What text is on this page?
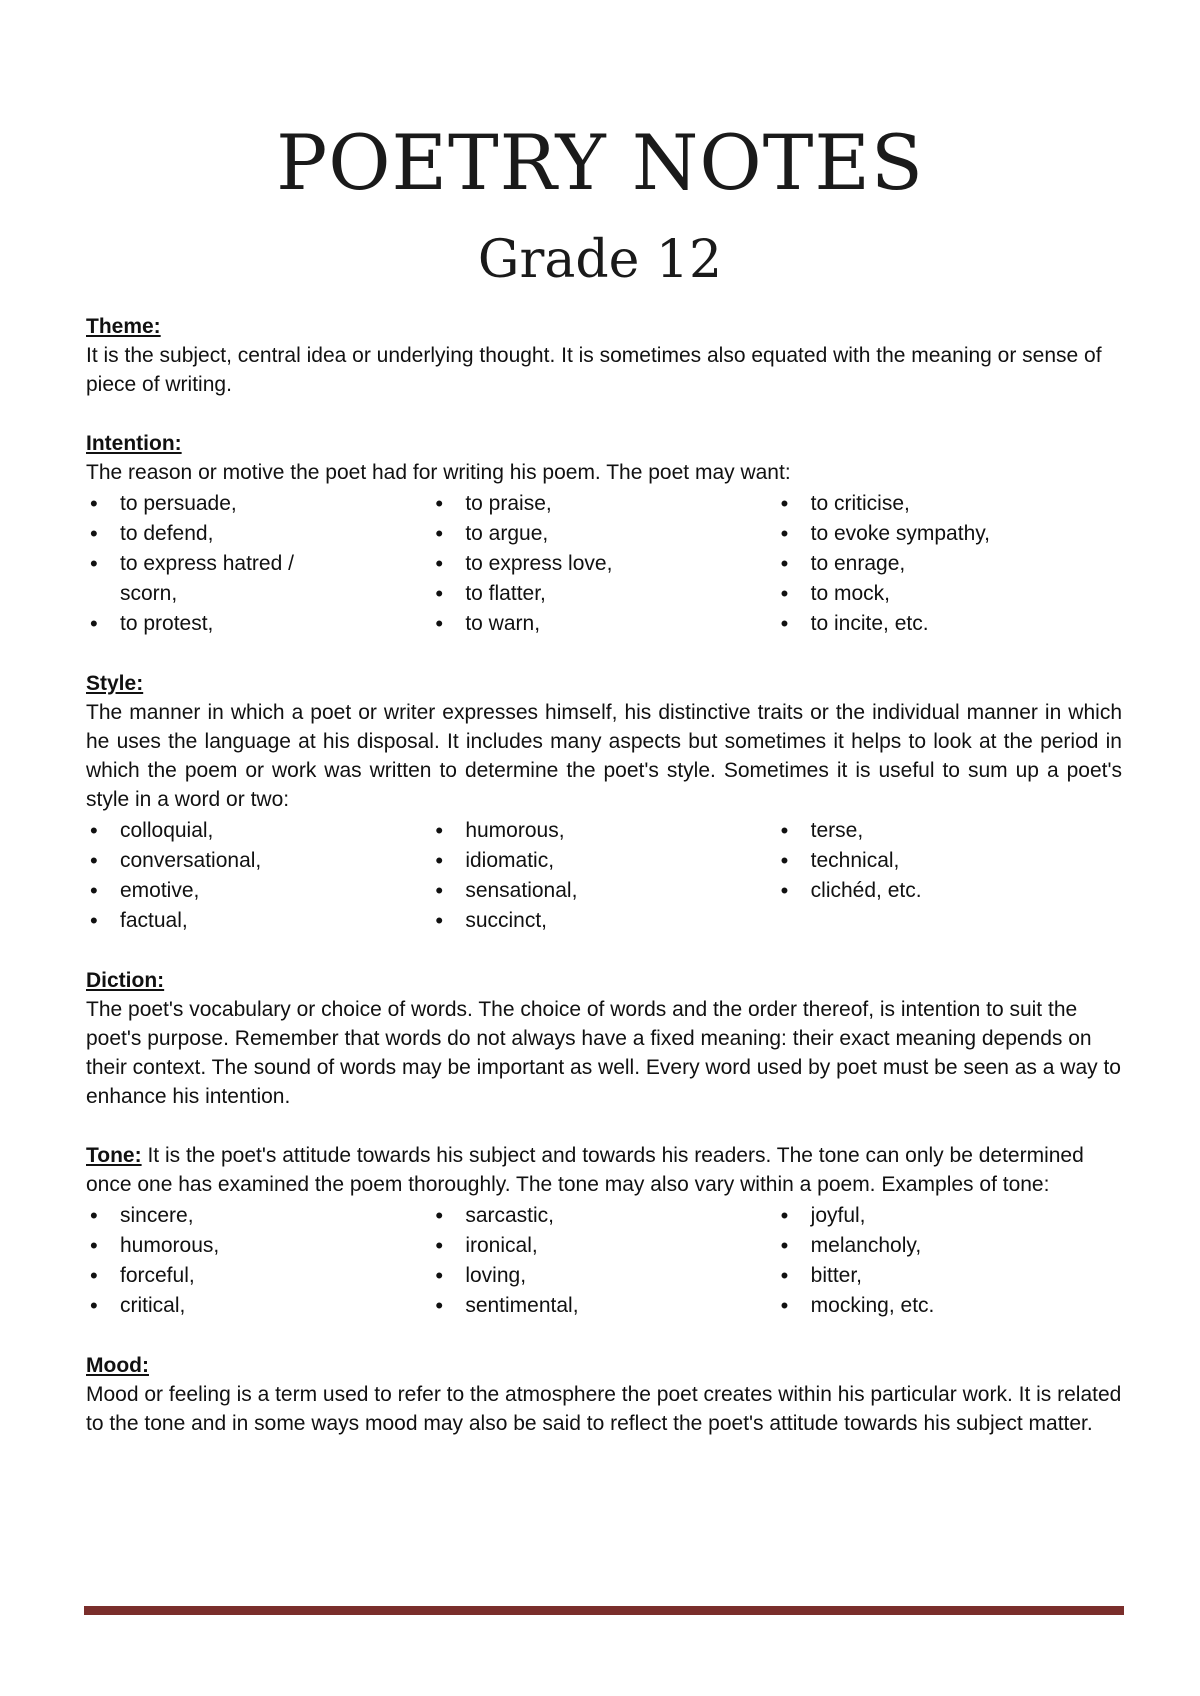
POETRY NOTES
Grade 12
Theme:

It is the subject, central idea or underlying thought. It is sometimes also equated with the meaning or sense of piece of writing.

Intention:

The reason or motive the poet had for writing his poem. The poet may want:

• to persuade,
• to defend,
• to express hatred / scorn,
• to protest,
• to praise,
• to argue,
• to express love,
• to flatter,
• to warn,
• to criticise,
• to evoke sympathy,
• to enrage,
• to mock,
• to incite, etc.
Style:

The manner in which a poet or writer expresses himself, his distinctive traits or the individual manner in which he uses the language at his disposal. It includes many aspects but sometimes it helps to look at the period in which the poem or work was written to determine the poet's style. Sometimes it is useful to sum up a poet's style in a word or two:

• colloquial,
• conversational,
• emotive,
• factual,
• humorous,
• idiomatic,
• sensational,
• succinct,
• terse,
• technical,
• clichéd, etc.
Diction:

The poet's vocabulary or choice of words. The choice of words and the order thereof, is intention to suit the poet's purpose. Remember that words do not always have a fixed meaning: their exact meaning depends on their context. The sound of words may be important as well. Every word used by poet must be seen as a way to enhance his intention.

Tone: It is the poet's attitude towards his subject and towards his readers. The tone can only be determined once one has examined the poem thoroughly. The tone may also vary within a poem. Examples of tone:

• sincere,
• humorous,
• forceful,
• critical,
• sarcastic,
• ironical,
• loving,
• sentimental,
• joyful,
• melancholy,
• bitter,
• mocking, etc.
Mood:

Mood or feeling is a term used to refer to the atmosphere the poet creates within his particular work. It is related to the tone and in some ways mood may also be said to reflect the poet's attitude towards his subject matter.
